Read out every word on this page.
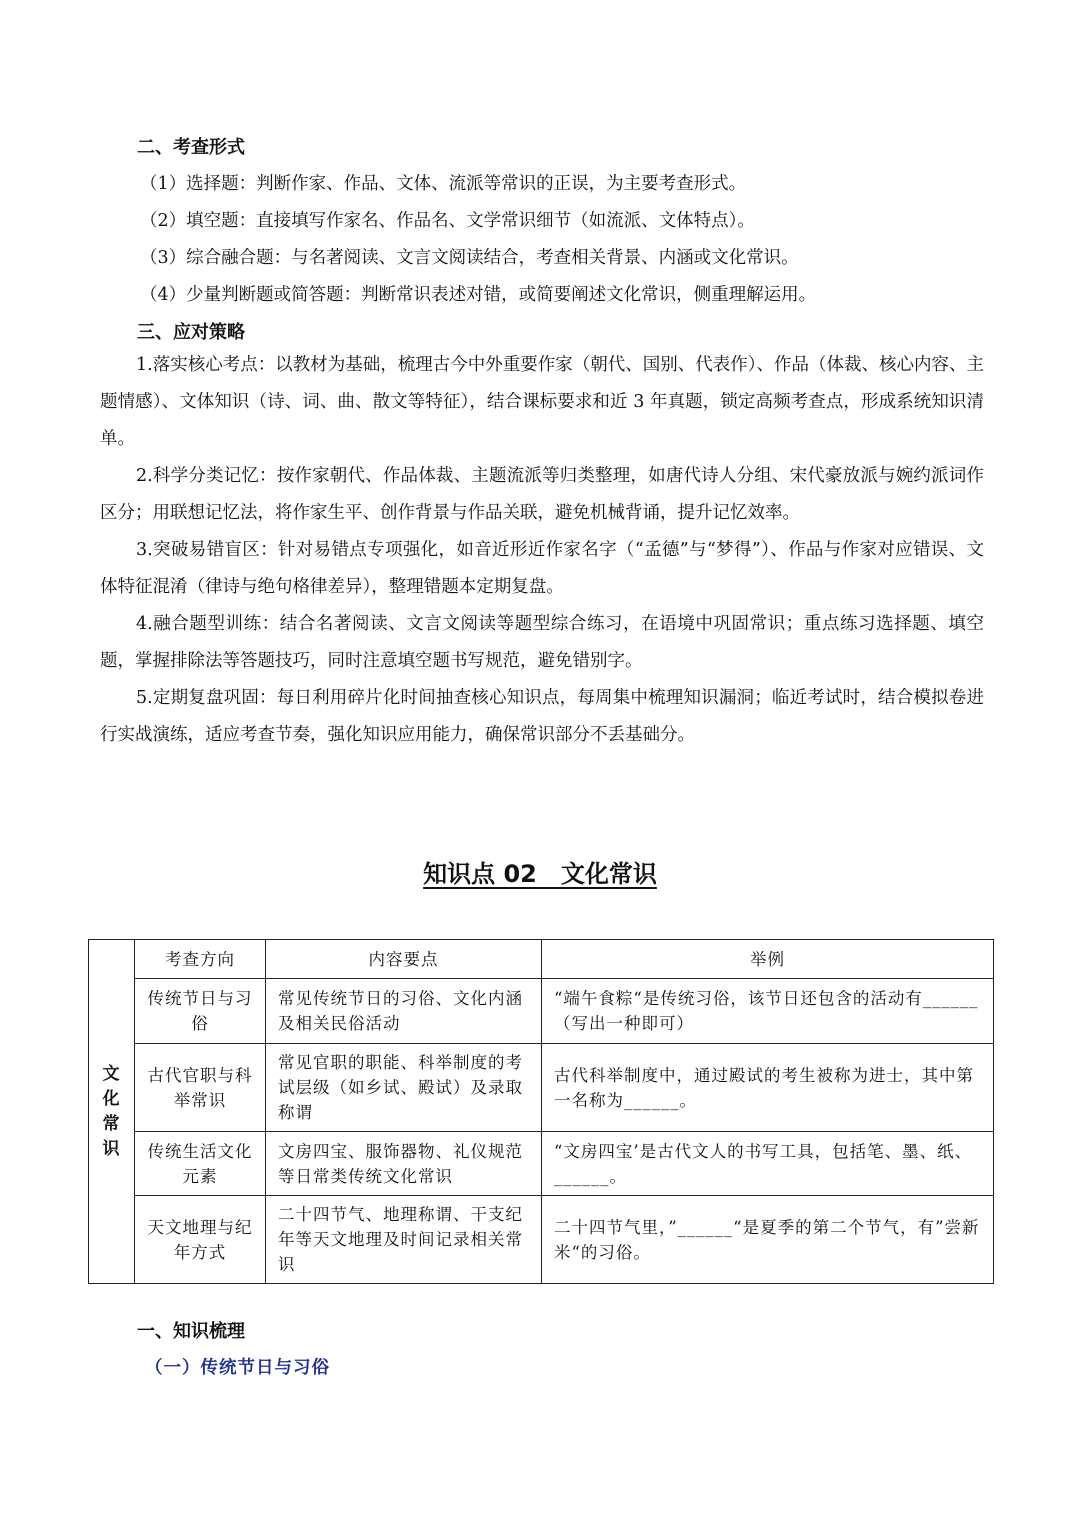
二、考查形式
（1）选择题：判断作家、作品、文体、流派等常识的正误，为主要考查形式。
（2）填空题：直接填写作家名、作品名、文学常识细节（如流派、文体特点）。
（3）综合融合题：与名著阅读、文言文阅读结合，考查相关背景、内涵或文化常识。
（4）少量判断题或简答题：判断常识表述对错，或简要阐述文化常识，侧重理解运用。
三、应对策略

1.落实核心考点：以教材为基础，梳理古今中外重要作家（朝代、国别、代表作）、作品（体裁、核心内容、主题情感）、文体知识（诗、词、曲、散文等特征），结合课标要求和近 3 年真题，锁定高频考查点，形成系统知识清单。

2.科学分类记忆：按作家朝代、作品体裁、主题流派等归类整理，如唐代诗人分组、宋代豪放派与婉约派词作区分；用联想记忆法，将作家生平、创作背景与作品关联，避免机械背诵，提升记忆效率。

3.突破易错盲区：针对易错点专项强化，如音近形近作家名字（“孟德”与“梦得”）、作品与作家对应错误、文体特征混淆（律诗与绝句格律差异），整理错题本定期复盘。

4.融合题型训练：结合名著阅读、文言文阅读等题型综合练习，在语境中巩固常识；重点练习选择题、填空题，掌握排除法等答题技巧，同时注意填空题书写规范，避免错别字。

5.定期复盘巩固：每日利用碎片化时间抽查核心知识点，每周集中梳理知识漏洞；临近考试时，结合模拟卷进行实战演练，适应考查节奏，强化知识应用能力，确保常识部分不丢基础分。

知识点 02　文化常识
文化常识	考查方向	内容要点	举例
	传统节日与习俗	常见传统节日的习俗、文化内涵及相关民俗活动	“端午食粽“是传统习俗，该节日还包含的活动有______（写出一种即可）
	古代官职与科举常识	常见官职的职能、科举制度的考试层级（如乡试、殿试）及录取称谓	古代科举制度中，通过殿试的考生被称为进士，其中第一名称为______。
	传统生活文化元素	文房四宝、服饰器物、礼仪规范等日常类传统文化常识	“文房四宝’是古代文人的书写工具，包括笔、墨、纸、______。
	天文地理与纪年方式	二十四节气、地理称谓、干支纪年等天文地理及时间记录相关常识	二十四节气里，”______“是夏季的第二个节气，有”尝新米“的习俗。
一、知识梳理
（一）传统节日与习俗
